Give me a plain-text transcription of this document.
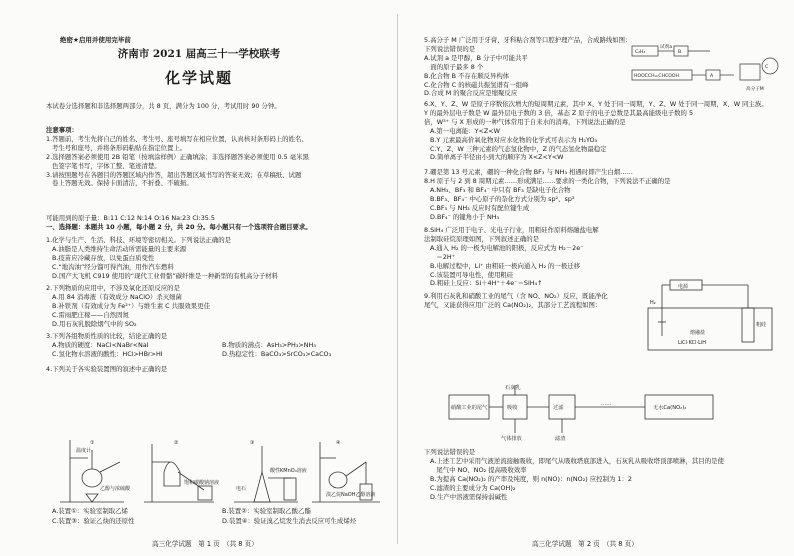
绝密★启用并使用完毕前
济南市 2021 届高三十一学校联考
化学试题
本试卷分选择题和非选择题两部分，共 8 页，满分为 100 分，考试用时 90 分钟。
注意事项：
1.答题前，考生先将自己的姓名、考生号、座号填写在相应位置，认真核对条形码上的姓名、
考生号和座号，并将条形码粘贴在指定位置上。
2.选择题答案必须使用 2B 铅笔（按填涂样例）正确填涂；非选择题答案必须使用 0.5 毫米黑
色签字笔书写，字体工整、笔迹清楚。
3.请按照题号在各题目的答题区域内作答，超出答题区域书写的答案无效；在草稿纸、试题
卷上答题无效。保持卡面清洁，不折叠、不破损。
可能用到的原子量：B:11 C:12 N:14 O:16 Na:23 Cl:35.5
一、选择题：本题共 10 小题，每小题 2 分，共 20 分。每小题只有一个选项符合题目要求。
1.化学与生产、生活、科技、环境等密切相关。下列说法正确的是
A.油脂是人类维持生命活动所需能量的主要来源
B.疫苗应冷藏存放，以免蛋白质变性
C.“地沟油”经分馏可得汽油，用作汽车燃料
D.国产大飞机 C919 使用的“现代工业骨骼”碳纤维是一种新型的有机高分子材料
2.下列物质的应用中，不涉及氧化还原反应的是
A.用 84 消毒液（有效成分 NaClO）杀灭细菌
B.补铁剂（有效成分为 Fe²⁺）与维生素 C 共服效果更佳
C.雷雨肥庄稼——自然固氮
D.用石灰乳脱除烟气中的 SO₂
3.下列各组物质性质的比较，结论正确的是
A.物质的硬度：NaCl<NaBr<NaI	B.物质的沸点：AsH₃>PH₃>NH₃
C.氢化物水溶液的酸性：HCl>HBr>HI	D.热稳定性：BaCO₃>SrCO₃>CaCO₃
4.下列关于各实验装置图的叙述中正确的是
温度计
乙醇与浓硫酸
①	②	③	④
酸性KMnO₄溶液
电石
饱和碳酸钠溶液
溴乙烷NaOH乙醇溶液
A.装置①：实验室制取乙烯	B.装置②：实验室制取乙酸乙酯
C.装置③：验证乙炔的还原性	D.装置④：验证溴乙烷发生消去反应可生成烯烃
高三化学试题　第 1 页　（共 8 页）
5.高分子 M 广泛用于牙膏、牙科粘合剂等口腔护理产品，合成路线如图：
下列说法错误的是
A.试剂 a 是甲醇，B 分子中可能共平
　面的原子最多 8 个
B.化合物 B 不存在顺反异构体
C.化合物 C 的核磁共振氢谱有一组峰
D.合成 M 的聚合反应是缩聚反应
6.X、Y、Z、W 是原子序数依次增大的短周期元素，其中 X、Y 处于同一周期，Y、Z、W 处于同一周期，X、W 同主族。
Y 的最外层电子数是 W 最外层电子数的 3 倍，基态 Z 原子的电子总数是其最高能级电子数的 5
倍，W³⁺ 与 X 形成的一种气体常用于自来水的消毒，下列说法正确的是
A.第一电离能：Y<Z<W
B.Y 元素最高价氧化物对应水化物的化学式可表示为 H₂YO₃
C.Y、Z、W 三种元素的气态氢化物中，Z 的气态氢化物最稳定
D.简单离子半径由小到大的顺序为 X<Z<Y<W
7.硼是第 13 号元素，硼的一种化合物 BF₃ 与 NH₃ 相遇时即产生白烟……
8.H 原子与 2 到 8 周期元素……形成满足……要求的一类化合物，下列说法不正确的是
A.NH₃、BF₃ 和 BF₄⁻ 中只有 BF₃ 是缺电子化合物
B.BF₃、BF₄⁻ 中心原子的杂化方式分别为 sp²、sp³
C.BF₃ 与 NH₃ 反应时有配位键生成
D.BF₄⁻ 的键角小于 NH₃
8.SiH₄ 广泛用于电子、光电子行业，用粗硅作原料熔融盐电解
法制取硅烷原理如图，下列叙述正确的是
A.通入 H₂ 的一极为电解池的阳极，反应式为 H₂－2e⁻
　＝2H⁺
B.电解过程中，Li⁺ 由粗硅一极向通入 H₂ 的一极迁移
C.该装置可导电性，使用粗硅
D.粗硅上反应：Si＋4H⁺＋4e⁻＝SiH₄↑
9.利用石灰乳和硝酸工业的尾气（含 NO、NO₂）反应，既能净化
尾气，又能获得应用广泛的 Ca(NO₂)₂，其部分工艺流程如图：
下列说法错误的是
A.上述工艺中采用气液逆流接触吸收，即尾气从吸收塔底部进入，石灰乳从吸收塔顶部喷淋，其目的是使
　尾气中 NO、NO₂ 提高吸收效率
B.为提高 Ca(NO₂)₂ 的产率及纯度，则 n(NO)：n(NO₂) 应控制为 1：2
C.滤渣的主要成分为 Ca(OH)₂
D.生产中溶液需保持弱碱性
高三化学试题　第 2 页　（共 8 页）
C₂H₂
试剂a
B
HOOCCH=CHCOOH	A
C
高分子M
电源
粗硅
H₂
LiCl·KCl·LiH
熔融盐
石灰乳
硝酸工业的尾气	吸收	过滤
……
无水Ca(NO₂)₂
气体排放	滤渣
